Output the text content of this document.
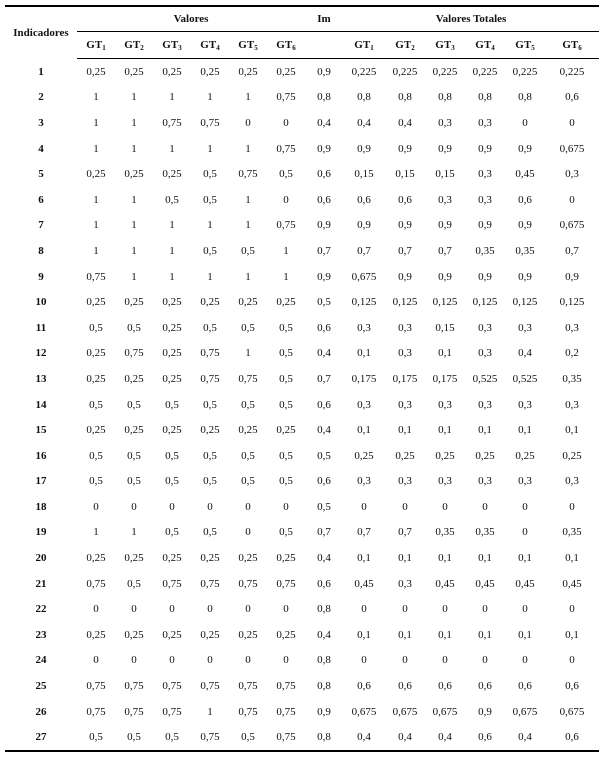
Indicadores	Valores						Im	Valores Totales					
	$GT_1$	$GT_2$	$GT_3$	$GT_4$	$GT_5$	$GT_6$		$GT_1$	$GT_2$	$GT_3$	$GT_4$	$GT_5$	$GT_6$
1	0,25	0,25	0,25	0,25	0,25	0,25	0,9	0,225	0,225	0,225	0,225	0,225	0,225
2	1	1	1	1	1	0,75	0,8	0,8	0,8	0,8	0,8	0,8	0,6
3	1	1	0,75	0,75	0	0	0,4	0,4	0,4	0,3	0,3	0	0
4	1	1	1	1	1	0,75	0,9	0,9	0,9	0,9	0,9	0,9	0,675
5	0,25	0,25	0,25	0,5	0,75	0,5	0,6	0,15	0,15	0,15	0,3	0,45	0,3
6	1	1	0,5	0,5	1	0	0,6	0,6	0,6	0,3	0,3	0,6	0
7	1	1	1	1	1	0,75	0,9	0,9	0,9	0,9	0,9	0,9	0,675
8	1	1	1	0,5	0,5	1	0,7	0,7	0,7	0,7	0,35	0,35	0,7
9	0,75	1	1	1	1	1	0,9	0,675	0,9	0,9	0,9	0,9	0,9
10	0,25	0,25	0,25	0,25	0,25	0,25	0,5	0,125	0,125	0,125	0,125	0,125	0,125
11	0,5	0,5	0,25	0,5	0,5	0,5	0,6	0,3	0,3	0,15	0,3	0,3	0,3
12	0,25	0,75	0,25	0,75	1	0,5	0,4	0,1	0,3	0,1	0,3	0,4	0,2
13	0,25	0,25	0,25	0,75	0,75	0,5	0,7	0,175	0,175	0,175	0,525	0,525	0,35
14	0,5	0,5	0,5	0,5	0,5	0,5	0,6	0,3	0,3	0,3	0,3	0,3	0,3
15	0,25	0,25	0,25	0,25	0,25	0,25	0,4	0,1	0,1	0,1	0,1	0,1	0,1
16	0,5	0,5	0,5	0,5	0,5	0,5	0,5	0,25	0,25	0,25	0,25	0,25	0,25
17	0,5	0,5	0,5	0,5	0,5	0,5	0,6	0,3	0,3	0,3	0,3	0,3	0,3
18	0	0	0	0	0	0	0,5	0	0	0	0	0	0
19	1	1	0,5	0,5	0	0,5	0,7	0,7	0,7	0,35	0,35	0	0,35
20	0,25	0,25	0,25	0,25	0,25	0,25	0,4	0,1	0,1	0,1	0,1	0,1	0,1
21	0,75	0,5	0,75	0,75	0,75	0,75	0,6	0,45	0,3	0,45	0,45	0,45	0,45
22	0	0	0	0	0	0	0,8	0	0	0	0	0	0
23	0,25	0,25	0,25	0,25	0,25	0,25	0,4	0,1	0,1	0,1	0,1	0,1	0,1
24	0	0	0	0	0	0	0,8	0	0	0	0	0	0
25	0,75	0,75	0,75	0,75	0,75	0,75	0,8	0,6	0,6	0,6	0,6	0,6	0,6
26	0,75	0,75	0,75	1	0,75	0,75	0,9	0,675	0,675	0,675	0,9	0,675	0,675
27	0,5	0,5	0,5	0,75	0,5	0,75	0,8	0,4	0,4	0,4	0,6	0,4	0,6
